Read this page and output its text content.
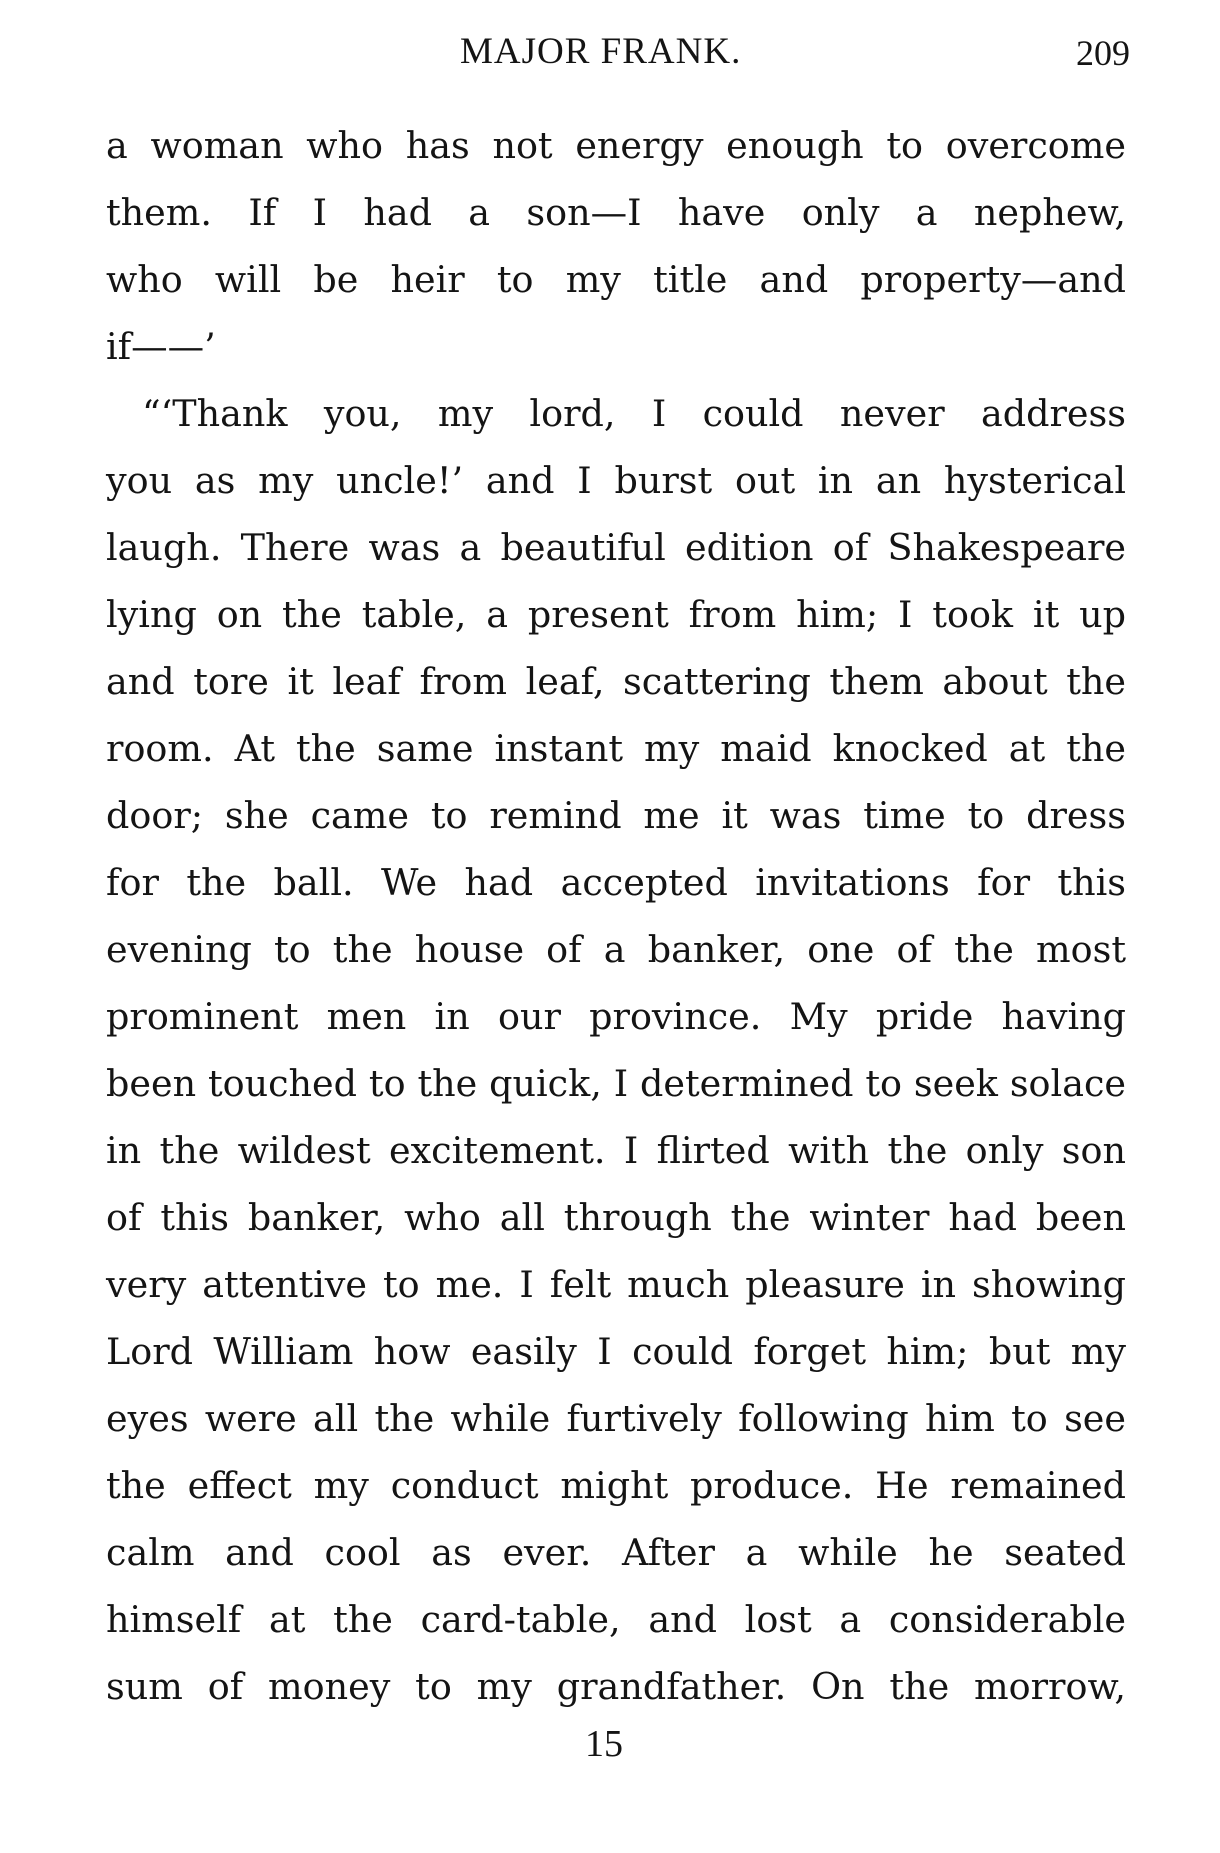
MAJOR FRANK.	209
a woman who has not energy enough to overcome
them. If I had a son—I have only a nephew,
who will be heir to my title and property—and
if——’
“‘Thank you, my lord, I could never address
you as my uncle!’ and I burst out in an hysterical
laugh. There was a beautiful edition of Shakespeare
lying on the table, a present from him; I took it up
and tore it leaf from leaf, scattering them about the
room. At the same instant my maid knocked at the
door; she came to remind me it was time to dress
for the ball. We had accepted invitations for this
evening to the house of a banker, one of the most
prominent men in our province. My pride having
been touched to the quick, I determined to seek solace
in the wildest excitement. I flirted with the only son
of this banker, who all through the winter had been
very attentive to me. I felt much pleasure in showing
Lord William how easily I could forget him; but my
eyes were all the while furtively following him to see
the effect my conduct might produce. He remained
calm and cool as ever. After a while he seated
himself at the card-table, and lost a considerable
sum of money to my grandfather. On the morrow,
15
